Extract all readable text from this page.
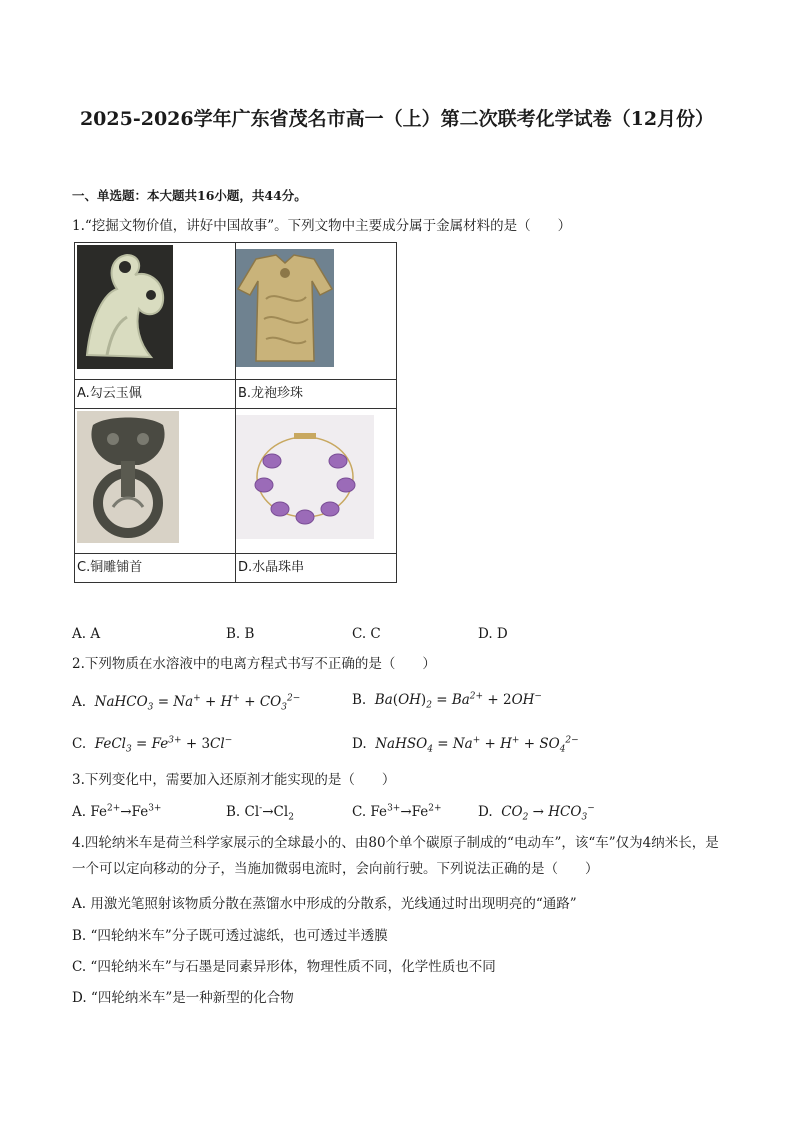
2025-2026学年广东省茂名市高一（上）第二次联考化学试卷（12月份）
一、单选题：本大题共16小题，共44分。
1.“挖掘文物价值，讲好中国故事”。下列文物中主要成分属于金属材料的是（　　）

A.勾云玉佩	B.龙袍珍珠

C.铜雕铺首	D.水晶珠串
A. A	B. B	C. C	D. D
2.下列物质在水溶液中的电离方程式书写不正确的是（　　）
A.  NaHCO$_3$ = $Na^+ + H^+ + CO_3^{2-}$	B.  $Ba(OH)_2 = Ba^{2+} + 2OH^-$
C.  FeCl$_3$ = $Fe^{3+} + 3Cl^-$	D.  NaHSO$_4$ = $Na^+ + H^+ + SO_4^{2-}$
3.下列变化中，需要加入还原剂才能实现的是（　　）
A. $Fe^{2+}\to Fe^{3+}$	B. $Cl^-\to Cl_2$	C. $Fe^{3+}\to Fe^{2+}$	D.  $CO_2 \to HCO_3^-$
4.四轮纳米车是荷兰科学家展示的全球最小的、由80个单个碳原子制成的“电动车”，该“车”仅为4纳米长，是一个可以定向移动的分子，当施加微弱电流时，会向前行驶。下列说法正确的是（　　）
A. 用激光笔照射该物质分散在蒸馏水中形成的分散系，光线通过时出现明亮的“通路”
B. “四轮纳米车”分子既可透过滤纸，也可透过半透膜
C. “四轮纳米车”与石墨是同素异形体，物理性质不同，化学性质也不同
D. “四轮纳米车”是一种新型的化合物
